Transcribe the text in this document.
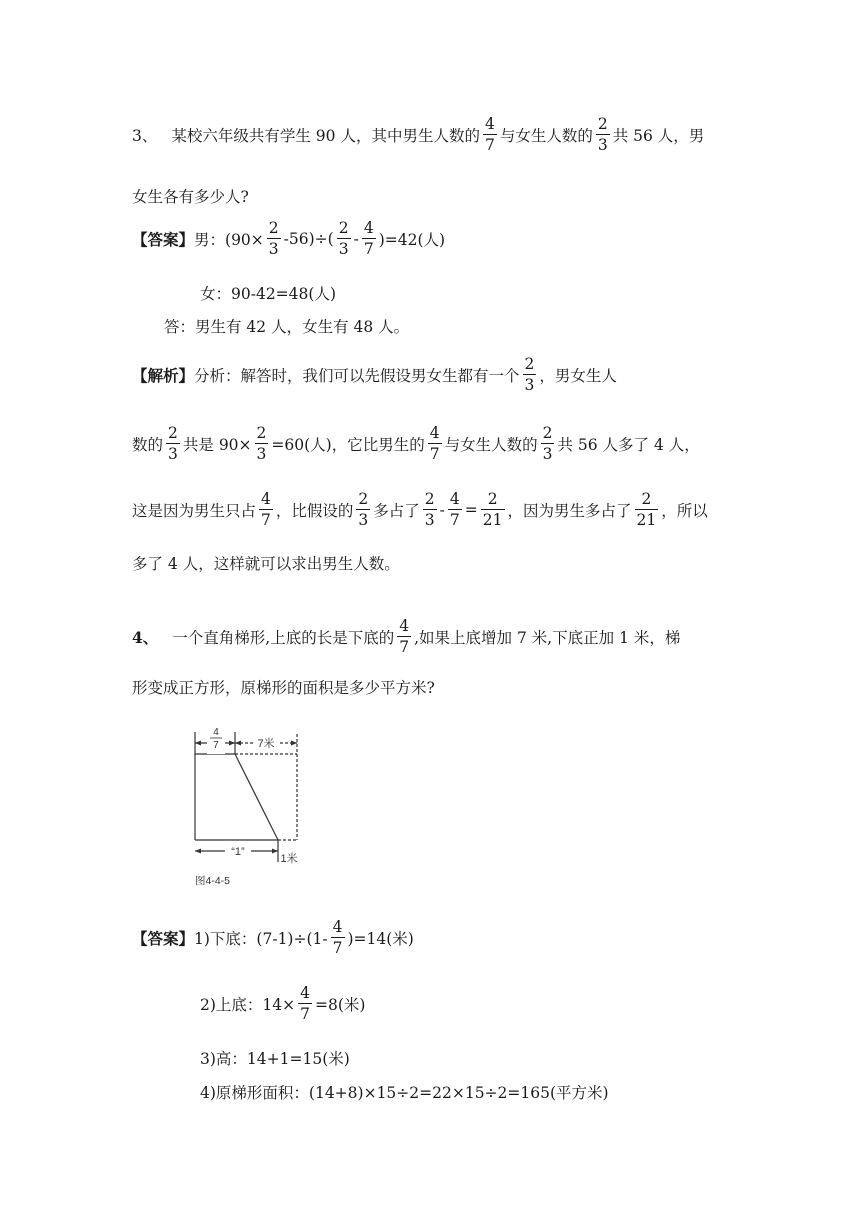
3、 某校六年级共有学生 90 人，其中男生人数的 $\frac{4}{7}$ 与女生人数的 $\frac{2}{3}$ 共 56 人，男
女生各有多少人?
【答案】男：$(90\times \frac{2}{3} -56)\div( \frac{2}{3} - \frac{4}{7} )=42$(人)
女：90-42=48(人)
答：男生有 42 人，女生有 48 人。
【解析】分析：解答时，我们可以先假设男女生都有一个 $\frac{2}{3}$ ，男女生人
数的 $\frac{2}{3}$ 共是 $90\times \frac{2}{3} =60$(人)，它比男生的 $\frac{4}{7}$ 与女生人数的 $\frac{2}{3}$ 共 56 人多了 4 人，
这是因为男生只占 $\frac{4}{7}$ ，比假设的 $\frac{2}{3}$ 多占了 $\frac{2}{3} - \frac{4}{7} = \frac{2}{21}$ ，因为男生多占了 $\frac{2}{21}$ ，所以
多了 4 人，这样就可以求出男生人数。
4、 一个直角梯形,上底的长是下底的 $\frac{4}{7}$ ,如果上底增加 7 米,下底正加 1 米，梯
形变成正方形，原梯形的面积是多少平方米?
4
7	7米
“1”
1米
图4-4-5
【答案】1)下底：$(7-1)\div(1- \frac{4}{7} )=14$(米)
2)上底：$14\times \frac{4}{7} =8$(米)
3)高：14+1=15(米)
4)原梯形面积：(14+8)×15÷2=22×15÷2=165(平方米)
